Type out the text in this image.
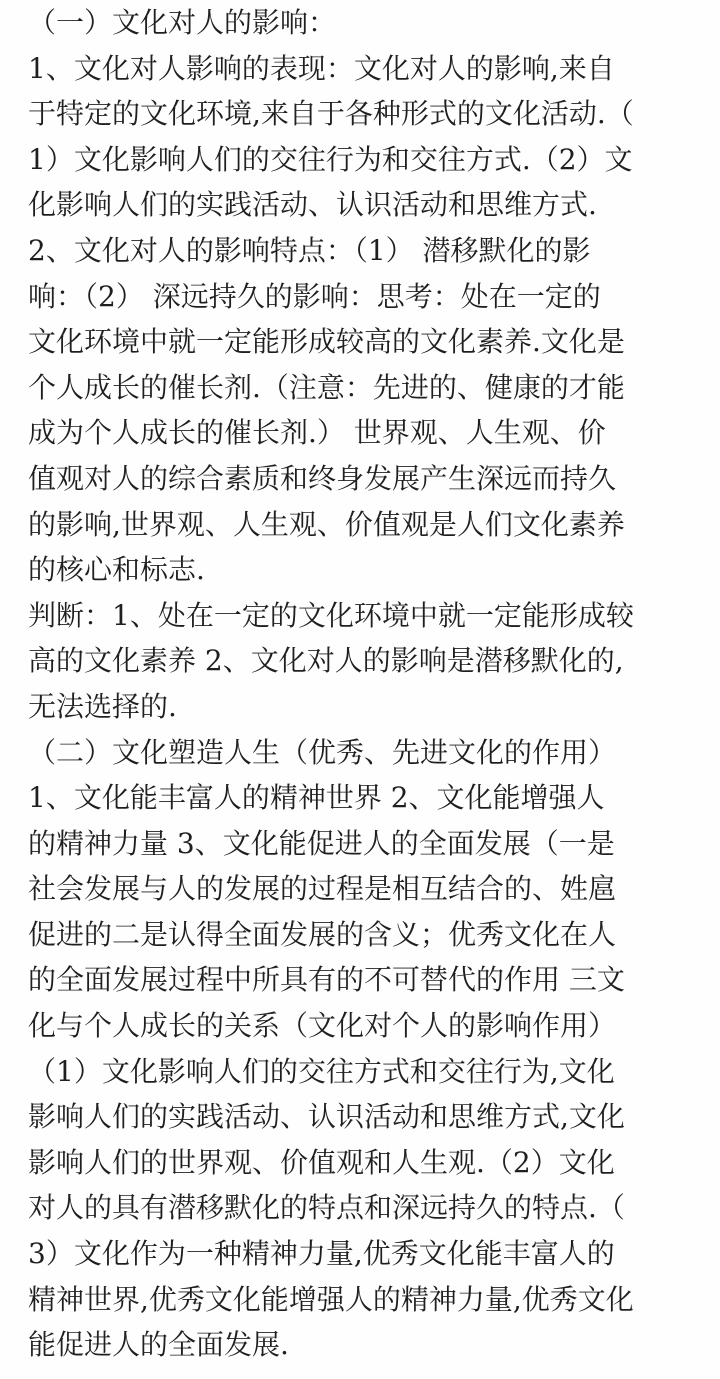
（一）文化对人的影响：
1、文化对人影响的表现：文化对人的影响,来自
于特定的文化环境,来自于各种形式的文化活动.（
1）文化影响人们的交往行为和交往方式.（2）文
化影响人们的实践活动、认识活动和思维方式.
2、文化对人的影响特点：（1） 潜移默化的影
响：（2） 深远持久的影响：思考：处在一定的
文化环境中就一定能形成较高的文化素养.文化是
个人成长的催长剂.（注意：先进的、健康的才能
成为个人成长的催长剂.） 世界观、人生观、价
值观对人的综合素质和终身发展产生深远而持久
的影响,世界观、人生观、价值观是人们文化素养
的核心和标志.
判断：1、处在一定的文化环境中就一定能形成较
高的文化素养 2、文化对人的影响是潜移默化的,
无法选择的.
（二）文化塑造人生（优秀、先进文化的作用）
1、文化能丰富人的精神世界 2、文化能增强人
的精神力量 3、文化能促进人的全面发展（一是
社会发展与人的发展的过程是相互结合的、姓扈
促进的二是认得全面发展的含义；优秀文化在人
的全面发展过程中所具有的不可替代的作用 三文
化与个人成长的关系（文化对个人的影响作用）
（1）文化影响人们的交往方式和交往行为,文化
影响人们的实践活动、认识活动和思维方式,文化
影响人们的世界观、价值观和人生观.（2）文化
对人的具有潜移默化的特点和深远持久的特点.（
3）文化作为一种精神力量,优秀文化能丰富人的
精神世界,优秀文化能增强人的精神力量,优秀文化
能促进人的全面发展.
